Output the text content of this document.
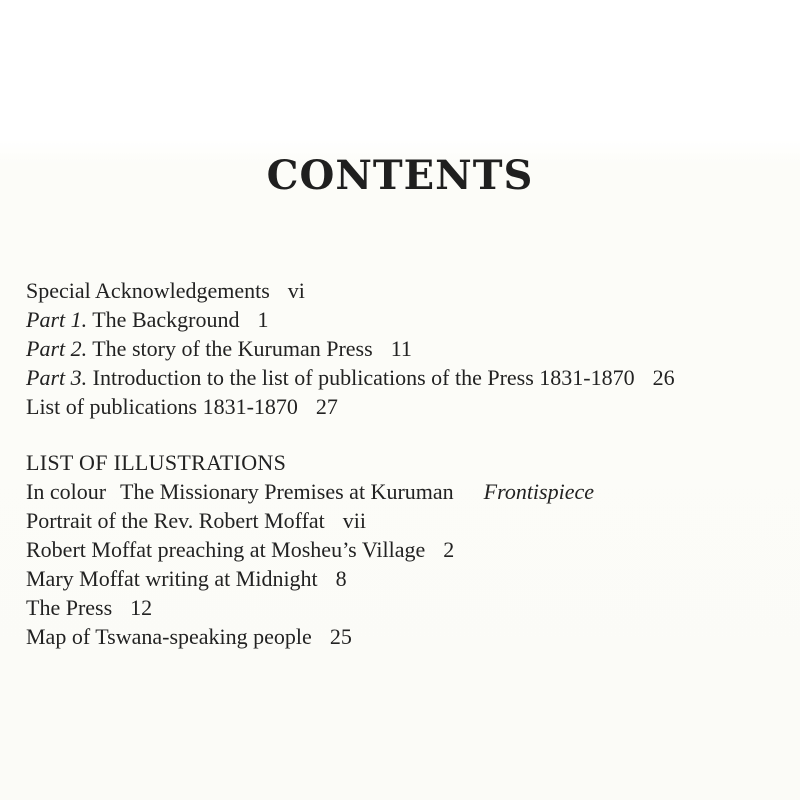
CONTENTS
Special Acknowledgements vi
Part 1. The Background 1
Part 2. The story of the Kuruman Press 11
Part 3. Introduction to the list of publications of the Press 1831-1870 26
List of publications 1831-1870 27
LIST OF ILLUSTRATIONS
In colour The Missionary Premises at Kuruman Frontispiece
Portrait of the Rev. Robert Moffat vii
Robert Moffat preaching at Mosheu’s Village 2
Mary Moffat writing at Midnight 8
The Press 12
Map of Tswana-speaking people 25
